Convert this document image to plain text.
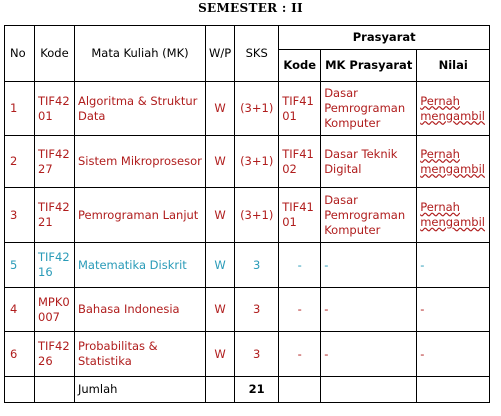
SEMESTER : II
No	Kode	Mata Kuliah (MK)	W/P	SKS	Prasyarat		
					Kode	MK Prasyarat	Nilai
1	TIF4201	Algoritma & Struktur Data	W	(3+1)	TIF4101	Dasar Pemrograman Komputer	Pernah mengambil
2	TIF4227	Sistem Mikroprosesor	W	(3+1)	TIF4102	Dasar Teknik Digital	Pernah mengambil
3	TIF4221	Pemrograman Lanjut	W	(3+1)	TIF4101	Dasar Pemrograman Komputer	Pernah mengambil
5	TIF4216	Matematika Diskrit	W	3	-	-	-
4	MPK0007	Bahasa Indonesia	W	3	-	-	-
6	TIF4226	Probabilitas & Statistika	W	3	-	-	-
		Jumlah		21			
